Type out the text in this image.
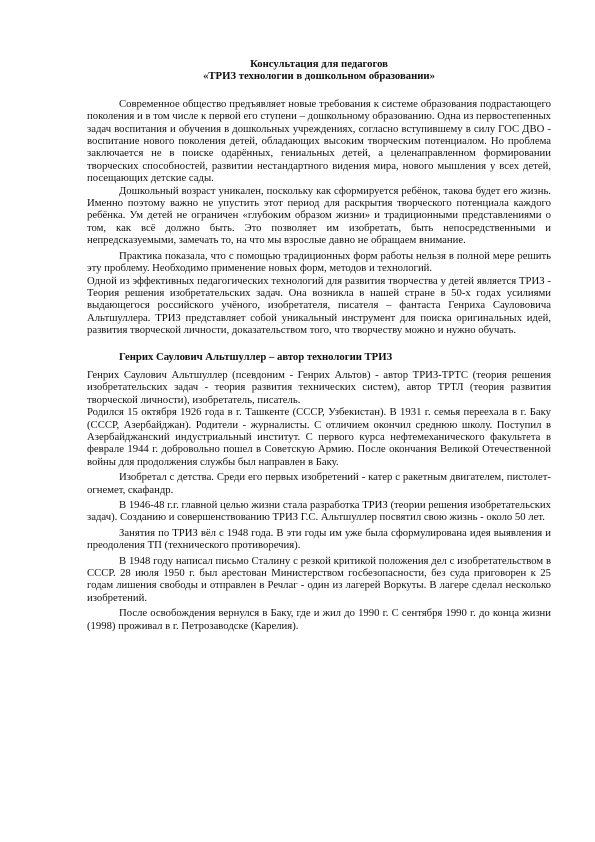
Консультация для педагогов

«ТРИЗ технологии в дошкольном образовании»

Современное общество предъявляет новые требования к системе образования подрастающего поколения и в том числе к первой его ступени – дошкольному образованию. Одна из первостепенных задач воспитания и обучения в дошкольных учреждениях, согласно вступившему в силу ГОС ДВО - воспитание нового поколения детей, обладающих высоким творческим потенциалом. Но проблема заключается не в поиске одарённых, гениальных детей, а целенаправленном формировании творческих способностей, развитии нестандартного видения мира, нового мышления у всех детей, посещающих детские сады.

Дошкольный возраст уникален, поскольку как сформируется ребёнок, такова будет его жизнь. Именно поэтому важно не упустить этот период для раскрытия творческого потенциала каждого ребёнка. Ум детей не ограничен «глубоким образом жизни» и традиционными представлениями о том, как всё должно быть. Это позволяет им изобретать, быть непосредственными и непредсказуемыми, замечать то, на что мы взрослые давно не обращаем внимание.

Практика показала, что с помощью традиционных форм работы нельзя в полной мере решить эту проблему. Необходимо применение новых форм, методов и технологий.

Одной из эффективных педагогических технологий для развития творчества у детей является ТРИЗ - Теория решения изобретательских задач. Она возникла в нашей стране в 50-х годах усилиями выдающегося российского учёного, изобретателя, писателя – фантаста Генриха Саулововича Альтшуллера. ТРИЗ представляет собой уникальный инструмент для поиска оригинальных идей, развития творческой личности, доказательством того, что творчеству можно и нужно обучать.

Генрих Саулович Альтшуллер – автор технологии ТРИЗ

Генрих Саулович Альтшуллер (псевдоним - Генрих Альтов) - автор ТРИЗ-ТРТС (теория решения изобретательских задач - теория развития технических систем), автор ТРТЛ (теория развития творческой личности), изобретатель, писатель.

Родился 15 октября 1926 года в г. Ташкенте (СССР, Узбекистан). В 1931 г. семья переехала в г. Баку (СССР, Азербайджан). Родители - журналисты. С отличием окончил среднюю школу. Поступил в Азербайджанский индустриальный институт. С первого курса нефтемеханического факультета в феврале 1944 г. добровольно пошел в Советскую Армию. После окончания Великой Отечественной войны для продолжения службы был направлен в Баку.

Изобретал с детства. Среди его первых изобретений - катер с ракетным двигателем, пистолет-огнемет, скафандр.

В 1946-48 г.г. главной целью жизни стала разработка ТРИЗ (теории решения изобретательских задач). Созданию и совершенствованию ТРИЗ Г.С. Альтшуллер посвятил свою жизнь - около 50 лет.

Занятия по ТРИЗ вёл с 1948 года. В эти годы им уже была сформулирована идея выявления и преодоления ТП (технического противоречия).

В 1948 году написал письмо Сталину с резкой критикой положения дел с изобретательством в СССР. 28 июля 1950 г. был арестован Министерством госбезопасности, без суда приговорен к 25 годам лишения свободы и отправлен в Речлаг - один из лагерей Воркуты. В лагере сделал несколько изобретений.

После освобождения вернулся в Баку, где и жил до 1990 г. С сентября 1990 г. до конца жизни (1998) проживал в г. Петрозаводске (Карелия).
